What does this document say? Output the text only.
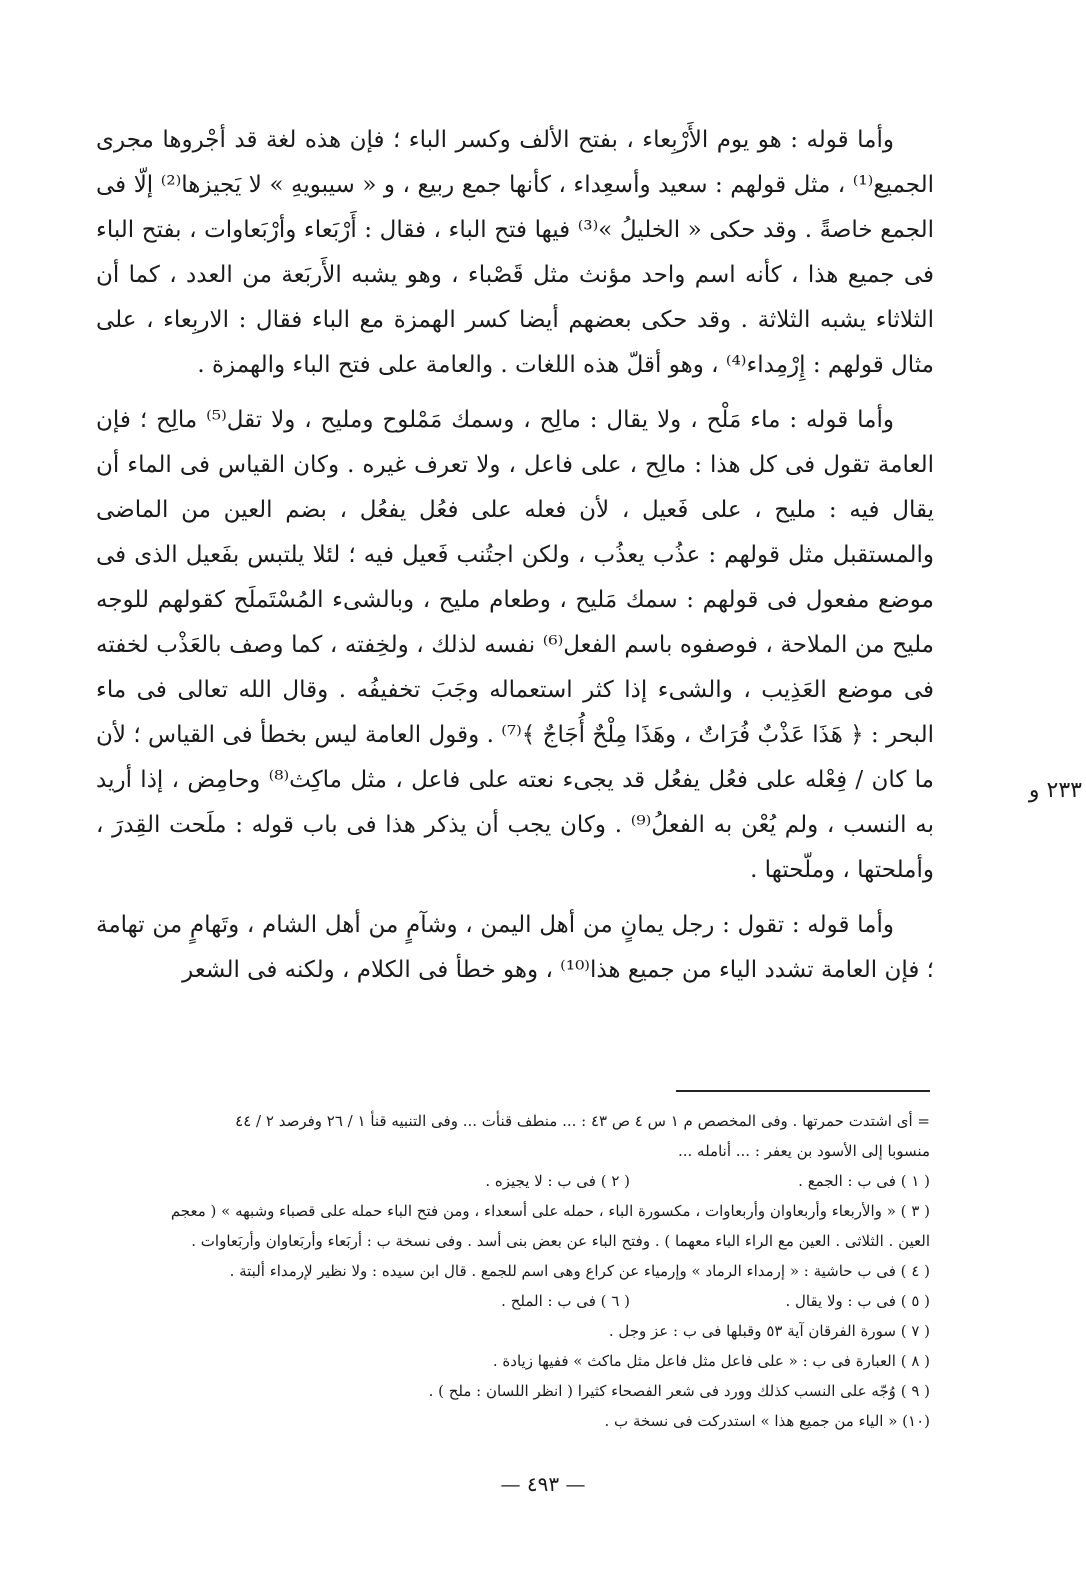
وأما قوله : هو يوم الأَرْبِعاء ، بفتح الألف وكسر الباء ؛ فإن هذه لغة قد أجْروها مجرى الجميع⁽¹⁾ ، مثل قولهم : سعيد وأسعِداء ، كأنها جمع ربيع ، و « سيبويهِ » لا يَجيزها⁽²⁾ إلّا فى الجمع خاصةً . وقد حكى « الخليلُ »⁽³⁾ فيها فتح الباء ، فقال : أَرْبَعاء وأرْبَعاوات ، بفتح الباء فى جميع هذا ، كأنه اسم واحد مؤنث مثل قَصْباء ، وهو يشبه الأَربَعة من العدد ، كما أن الثلاثاء يشبه الثلاثة . وقد حكى بعضهم أيضا كسر الهمزة مع الباء فقال : الاربِعاء ، على مثال قولهم : إِرْمِداء⁽⁴⁾ ، وهو أقلّ هذه اللغات . والعامة على فتح الباء والهمزة .

وأما قوله : ماء مَلْح ، ولا يقال : مالِح ، وسمك مَمْلوح ومليح ، ولا تقل⁽⁵⁾ مالِح ؛ فإن العامة تقول فى كل هذا : مالِح ، على فاعل ، ولا تعرف غيره . وكان القياس فى الماء أن يقال فيه : مليح ، على فَعيل ، لأن فعله على فعُل يفعُل ، بضم العين من الماضى والمستقبل مثل قولهم : عذُب يعذُب ، ولكن اجتُنب فَعيل فيه ؛ لئلا يلتبس بفَعيل الذى فى موضع مفعول فى قولهم : سمك مَليح ، وطعام مليح ، وبالشىء المُسْتَملَح كقولهم للوجه مليح من الملاحة ، فوصفوه باسم الفعل⁽⁶⁾ نفسه لذلك ، ولخِفته ، كما وصف بالعَذْب لخفته فى موضع العَذِيب ، والشىء إذا كثر استعماله وجَبَ تخفيفُه . وقال الله تعالى فى ماء البحر : ﴿ هَذَا عَذْبٌ فُرَاتٌ ، وهَذَا مِلْحٌ أُجَاجٌ ﴾⁽⁷⁾ . وقول العامة ليس بخطأ فى القياس ؛ لأن ما كان / فِعْله على فعُل يفعُل قد يجىء نعته على فاعل ، مثل ماكِث⁽⁸⁾ وحامِض ، إذا أريد به النسب ، ولم يُعْن به الفعلُ⁽⁹⁾ . وكان يجب أن يذكر هذا فى باب قوله : ملَحت القِدرَ ، وأملحتها ، وملّحتها .

وأما قوله : تقول : رجل يمانٍ من أهل اليمن ، وشآمٍ من أهل الشام ، وتَهامٍ من تهامة ؛ فإن العامة تشدد الياء من جميع هذا⁽¹⁰⁾ ، وهو خطأ فى الكلام ، ولكنه فى الشعر

٢٣٣ و
= أى اشتدت حمرتها . وفى المخصص م ١ س ٤ ص ٤٣ : ... منطف قنأت ... وفى التنبيه قنأ ١ / ٢٦ وفرصد ٢ / ٤٤
منسوبا إلى الأسود بن يعفر : ... أنامله ...
( ١ ) فى ب : الجمع .
( ٢ ) فى ب : لا يجيزه .
( ٣ ) « والأربعاء وأربعاوان وأربعاوات ، مكسورة الباء ، حمله على أسعداء ، ومن فتح الباء حمله على قصباء وشبهه » ( معجم
العين . الثلاثى . العين مع الراء الباء معهما ) . وفتح الباء عن بعض بنى أسد . وفى نسخة ب : أربَعاء وأربَعاوان وأربَعاوات .
( ٤ ) فى ب حاشية : « إرمداء الرماد » وإرمياء عن كراع وهى اسم للجمع . قال ابن سيده : ولا نظير لإرمداء ألبتة .
( ٥ ) فى ب : ولا يقال .
( ٦ ) فى ب : الملح .
( ٧ ) سورة الفرقان آية ٥٣ وقبلها فى ب : عز وجل .
( ٨ ) العبارة فى ب : « على فاعل مثل فاعل مثل ماكث » ففيها زيادة .
( ٩ ) وُجّه على النسب كذلك وورد فى شعر الفصحاء كثيرا ( انظر اللسان : ملح ) .
(١٠) « الياء من جميع هذا » استدركت فى نسخة ب .
— ٤٩٣ —
